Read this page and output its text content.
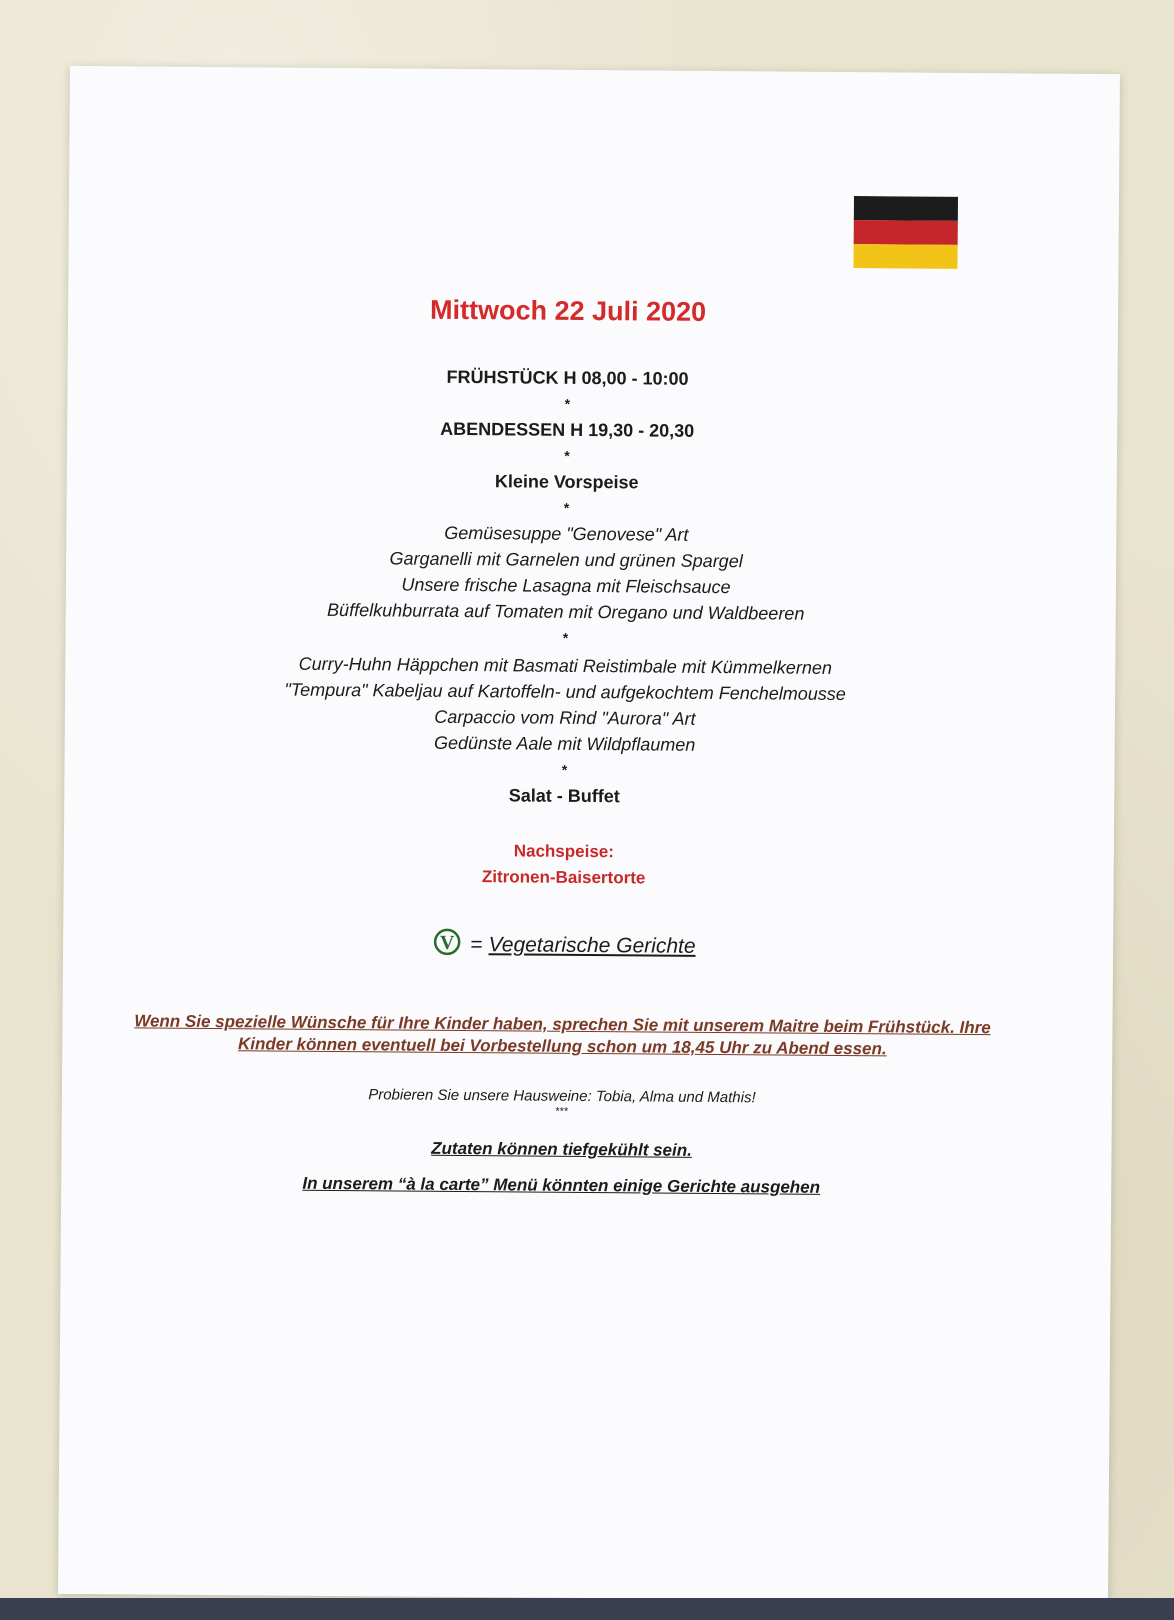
Mittwoch 22 Juli 2020
FRÜHSTÜCK H 08,00 - 10:00
*
ABENDESSEN H 19,30 - 20,30
*
Kleine Vorspeise
*
Gemüsesuppe "Genovese" Art
Garganelli mit Garnelen und grünen Spargel
Unsere frische Lasagna mit Fleischsauce
Büffelkuhburrata auf Tomaten mit Oregano und Waldbeeren
*
Curry-Huhn Häppchen mit Basmati Reistimbale mit Kümmelkernen
"Tempura" Kabeljau auf Kartoffeln- und aufgekochtem Fenchelmousse
Carpaccio vom Rind "Aurora" Art
Gedünste Aale mit Wildpflaumen
*
Salat - Buffet
Nachspeise:
Zitronen-Baisertorte
V = Vegetarische Gerichte
Wenn Sie spezielle Wünsche für Ihre Kinder haben, sprechen Sie mit unserem Maitre beim Frühstück. Ihre
Kinder können eventuell bei Vorbestellung schon um 18,45 Uhr zu Abend essen.
Probieren Sie unsere Hausweine: Tobia, Alma und Mathis!
***
Zutaten können tiefgekühlt sein.
In unserem “à la carte” Menü könnten einige Gerichte ausgehen
